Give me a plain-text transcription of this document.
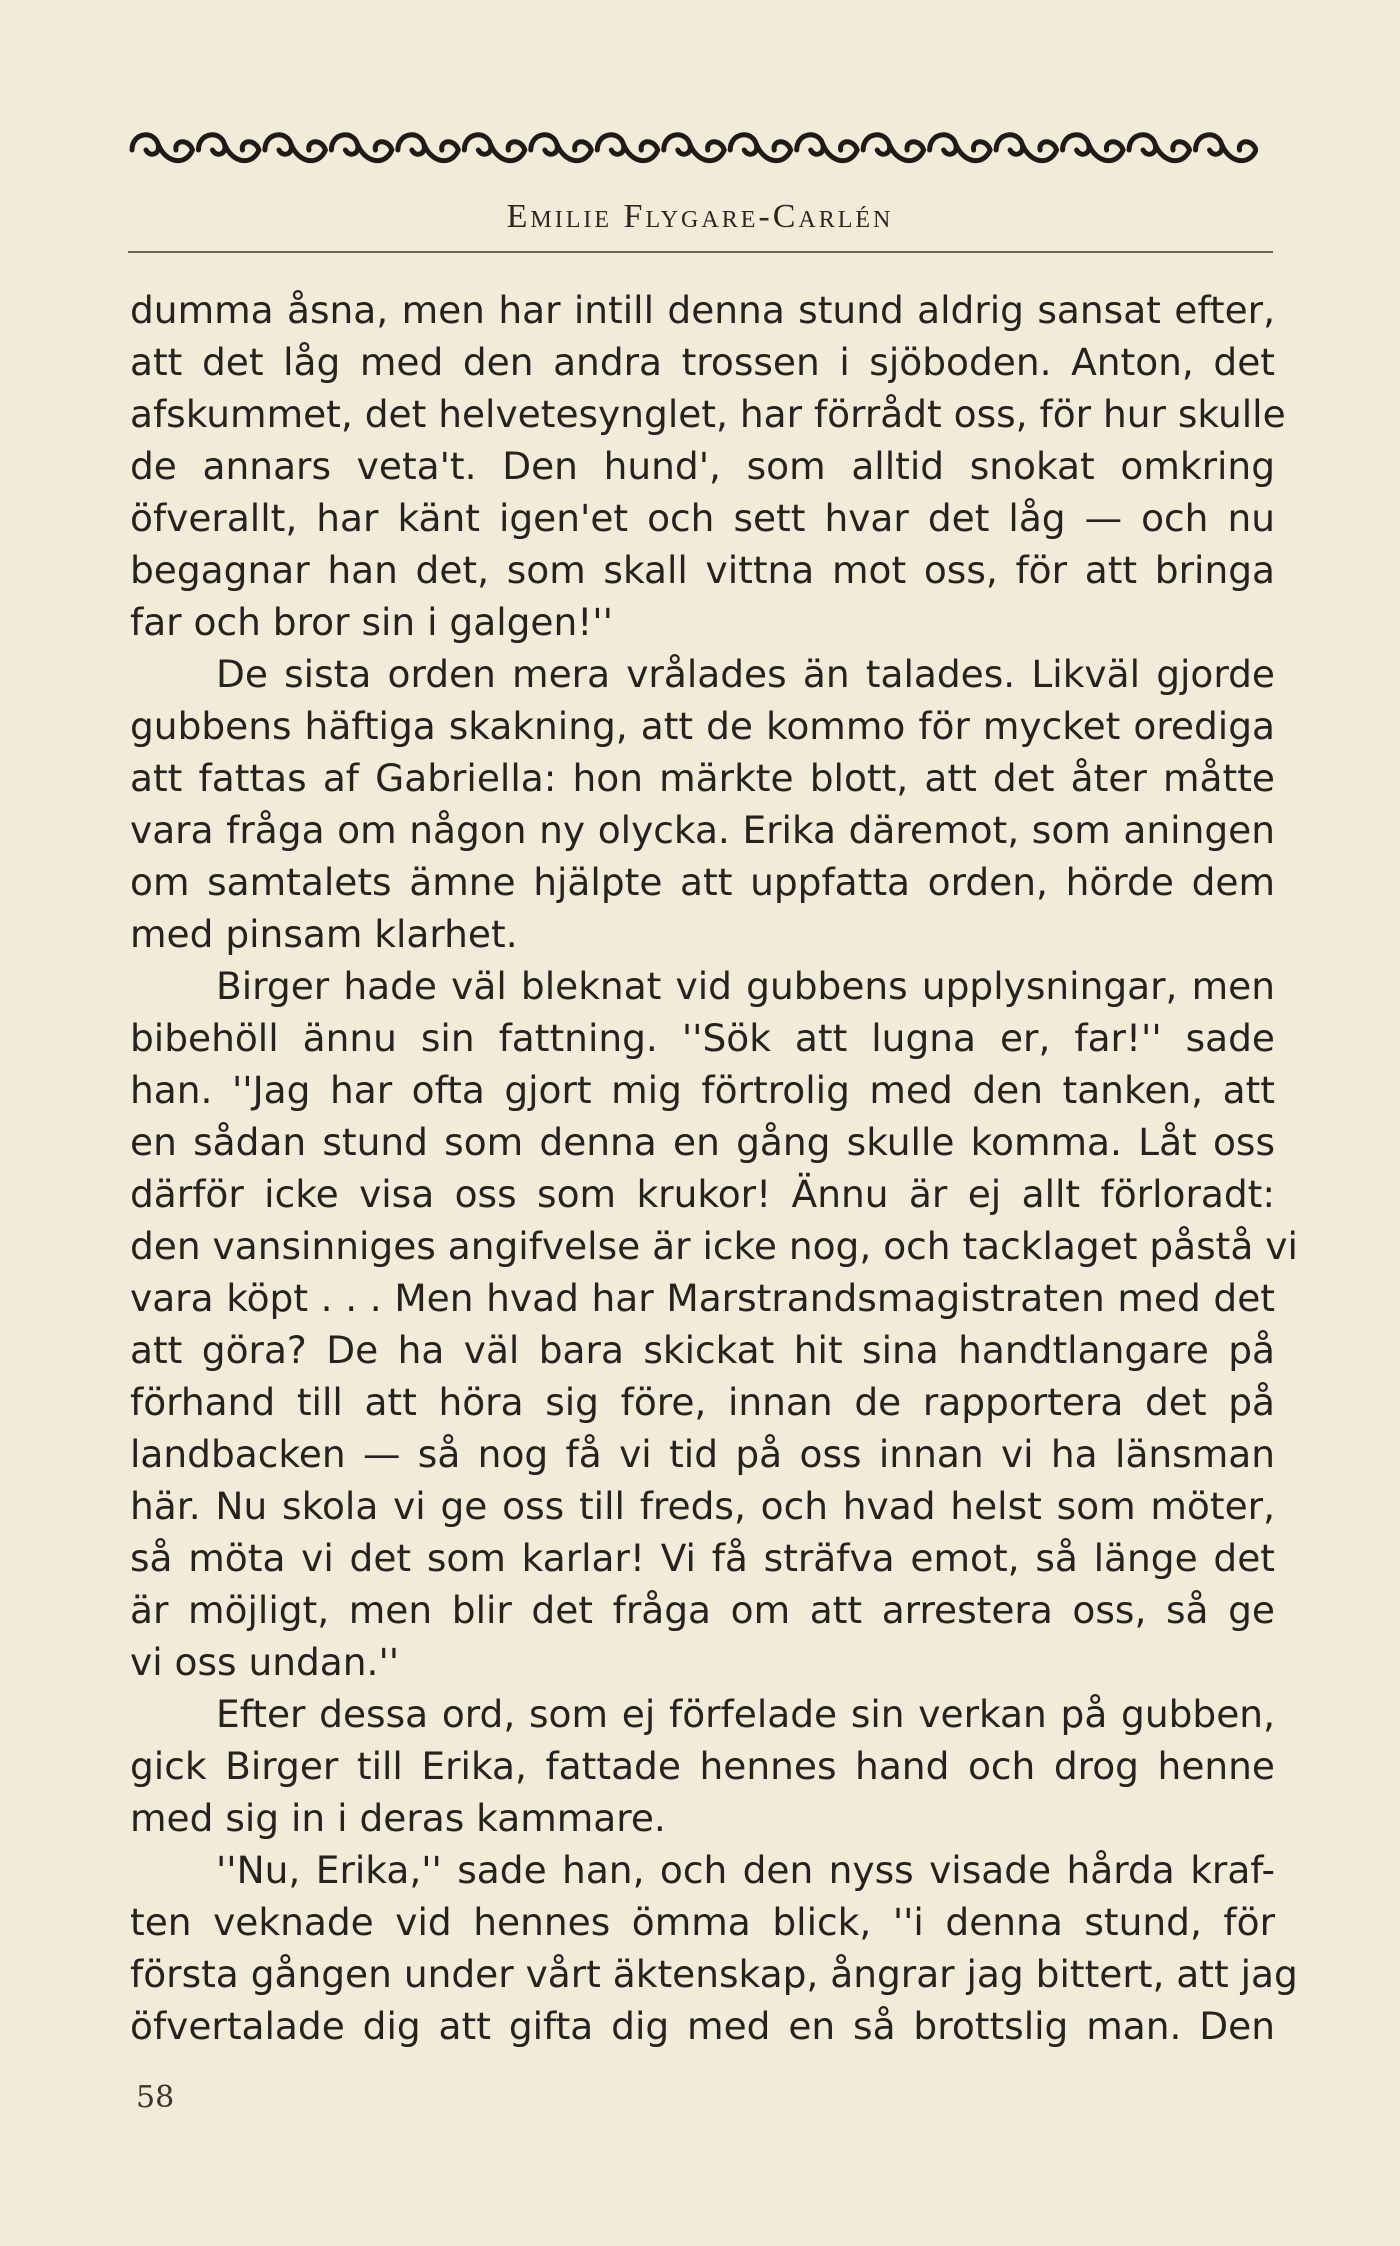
Emilie Flygare-Carlén
dumma åsna, men har intill denna stund aldrig sansat efter,
att det låg med den andra trossen i sjöboden. Anton, det
afskummet, det helvetesynglet, har förrådt oss, för hur skulle
de annars veta't. Den hund', som alltid snokat omkring
öfverallt, har känt igen'et och sett hvar det låg — och nu
begagnar han det, som skall vittna mot oss, för att bringa
far och bror sin i galgen!''
De sista orden mera vrålades än talades. Likväl gjorde
gubbens häftiga skakning, att de kommo för mycket orediga
att fattas af Gabriella: hon märkte blott, att det åter måtte
vara fråga om någon ny olycka. Erika däremot, som aningen
om samtalets ämne hjälpte att uppfatta orden, hörde dem
med pinsam klarhet.
Birger hade väl bleknat vid gubbens upplysningar, men
bibehöll ännu sin fattning. ''Sök att lugna er, far!'' sade
han. ''Jag har ofta gjort mig förtrolig med den tanken, att
en sådan stund som denna en gång skulle komma. Låt oss
därför icke visa oss som krukor! Ännu är ej allt förloradt:
den vansinniges angifvelse är icke nog, och tacklaget påstå vi
vara köpt . . . Men hvad har Marstrandsmagistraten med det
att göra? De ha väl bara skickat hit sina handtlangare på
förhand till att höra sig före, innan de rapportera det på
landbacken — så nog få vi tid på oss innan vi ha länsman
här. Nu skola vi ge oss till freds, och hvad helst som möter,
så möta vi det som karlar! Vi få sträfva emot, så länge det
är möjligt, men blir det fråga om att arrestera oss, så ge
vi oss undan.''
Efter dessa ord, som ej förfelade sin verkan på gubben,
gick Birger till Erika, fattade hennes hand och drog henne
med sig in i deras kammare.
''Nu, Erika,'' sade han, och den nyss visade hårda kraf-
ten veknade vid hennes ömma blick, ''i denna stund, för
första gången under vårt äktenskap, ångrar jag bittert, att jag
öfvertalade dig att gifta dig med en så brottslig man. Den
58
